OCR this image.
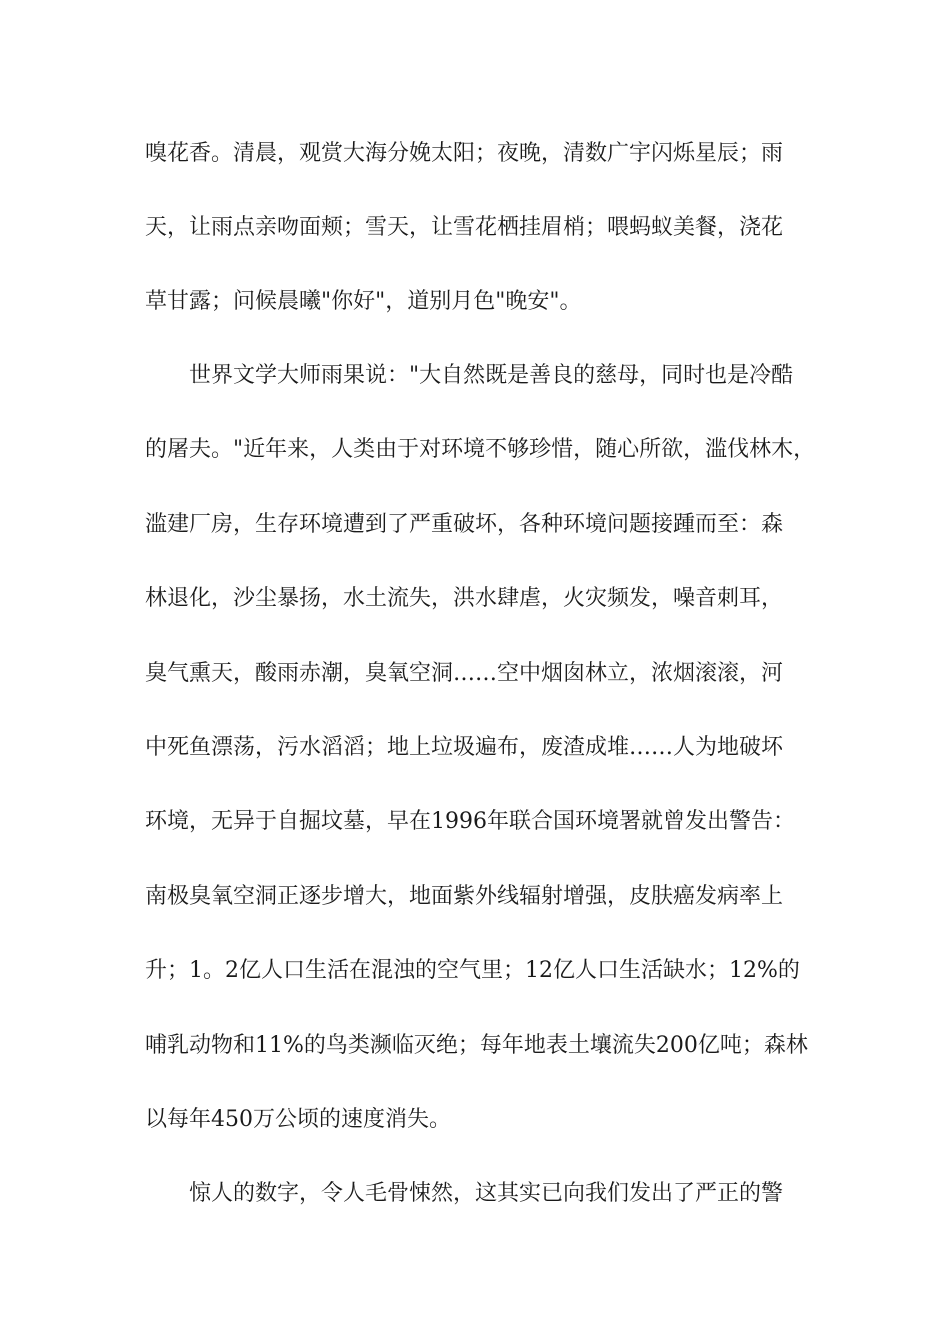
嗅花香。清晨，观赏大海分娩太阳；夜晚，清数广宇闪烁星辰；雨
天，让雨点亲吻面颊；雪天，让雪花栖挂眉梢；喂蚂蚁美餐，浇花
草甘露；问候晨曦"你好"，道别月色"晚安"。
世界文学大师雨果说："大自然既是善良的慈母，同时也是冷酷
的屠夫。"近年来，人类由于对环境不够珍惜，随心所欲，滥伐林木，
滥建厂房，生存环境遭到了严重破坏，各种环境问题接踵而至：森
林退化，沙尘暴扬，水土流失，洪水肆虐，火灾频发，噪音刺耳，
臭气熏天，酸雨赤潮，臭氧空洞……空中烟囱林立，浓烟滚滚，河
中死鱼漂荡，污水滔滔；地上垃圾遍布，废渣成堆……人为地破坏
环境，无异于自掘坟墓，早在1996年联合国环境署就曾发出警告：
南极臭氧空洞正逐步增大，地面紫外线辐射增强，皮肤癌发病率上
升；1。2亿人口生活在混浊的空气里；12亿人口生活缺水；12%的
哺乳动物和11%的鸟类濒临灭绝；每年地表土壤流失200亿吨；森林
以每年450万公顷的速度消失。
惊人的数字，令人毛骨悚然，这其实已向我们发出了严正的警
